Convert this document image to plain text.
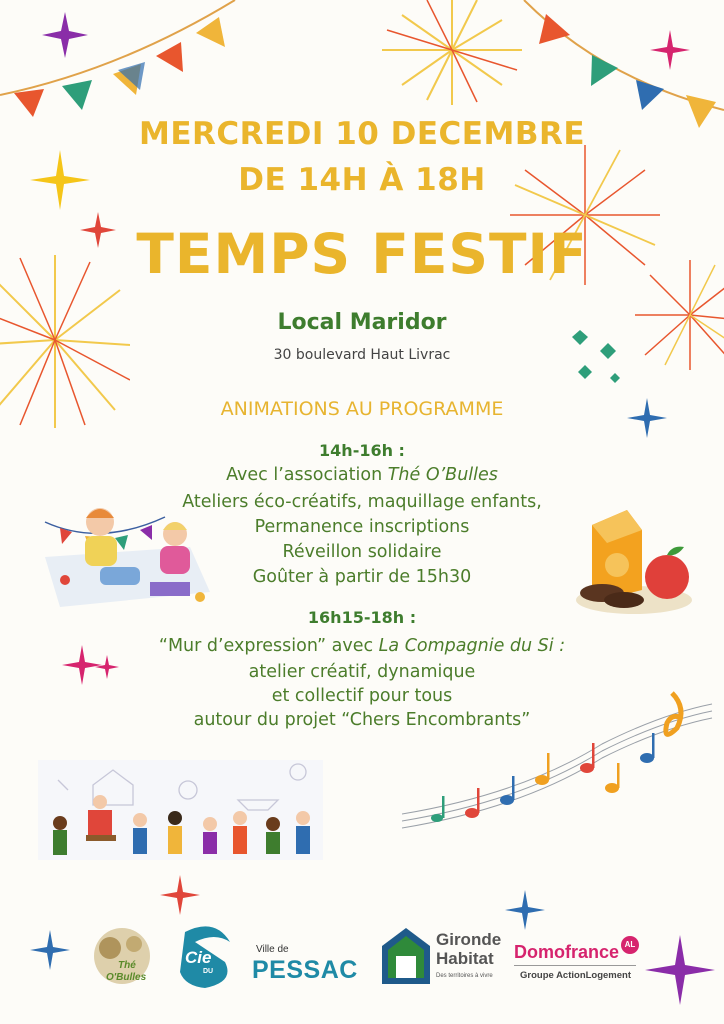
MERCREDI 10 DECEMBRE
DE 14H À 18H
TEMPS FESTIF
Local Maridor
30 boulevard Haut Livrac
ANIMATIONS AU PROGRAMME
14h-16h :
Avec l’association Thé O’Bulles
Ateliers éco-créatifs, maquillage enfants,
Permanence inscriptions
Réveillon solidaire
Goûter à partir de 15h30
16h15-18h :
“Mur d’expression” avec La Compagnie du Si :
atelier créatif, dynamique
et collectif pour tous
autour du projet “Chers Encombrants”
Thé
O'Bulles
Cie
DU
Ville de
PESSAC
Gironde
Habitat
Des territoires à vivre
Domofrance AL
Groupe ActionLogement
